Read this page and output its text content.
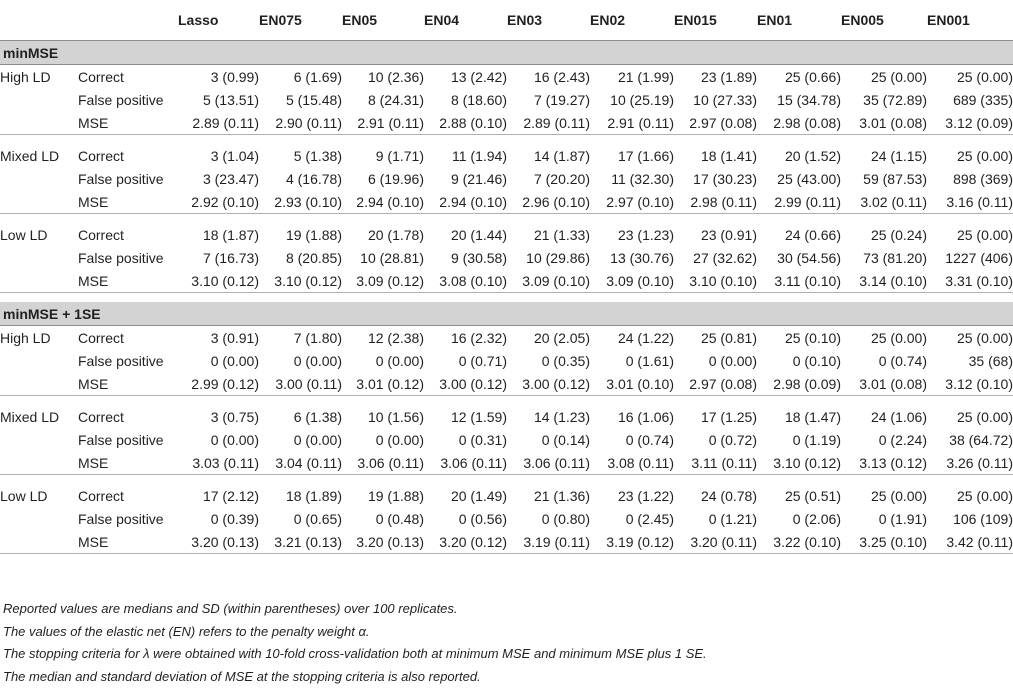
		Lasso	EN075	EN05	EN04	EN03	EN02	EN015	EN01	EN005	EN001
minMSE											
High LD	Correct	3 (0.99)	6 (1.69)	10 (2.36)	13 (2.42)	16 (2.43)	21 (1.99)	23 (1.89)	25 (0.66)	25 (0.00)	25 (0.00)
	False positive	5 (13.51)	5 (15.48)	8 (24.31)	8 (18.60)	7 (19.27)	10 (25.19)	10 (27.33)	15 (34.78)	35 (72.89)	689 (335)
	MSE	2.89 (0.11)	2.90 (0.11)	2.91 (0.11)	2.88 (0.10)	2.89 (0.11)	2.91 (0.11)	2.97 (0.08)	2.98 (0.08)	3.01 (0.08)	3.12 (0.09)

Mixed LD	Correct	3 (1.04)	5 (1.38)	9 (1.71)	11 (1.94)	14 (1.87)	17 (1.66)	18 (1.41)	20 (1.52)	24 (1.15)	25 (0.00)
	False positive	3 (23.47)	4 (16.78)	6 (19.96)	9 (21.46)	7 (20.20)	11 (32.30)	17 (30.23)	25 (43.00)	59 (87.53)	898 (369)
	MSE	2.92 (0.10)	2.93 (0.10)	2.94 (0.10)	2.94 (0.10)	2.96 (0.10)	2.97 (0.10)	2.98 (0.11)	2.99 (0.11)	3.02 (0.11)	3.16 (0.11)

Low LD	Correct	18 (1.87)	19 (1.88)	20 (1.78)	20 (1.44)	21 (1.33)	23 (1.23)	23 (0.91)	24 (0.66)	25 (0.24)	25 (0.00)
	False positive	7 (16.73)	8 (20.85)	10 (28.81)	9 (30.58)	10 (29.86)	13 (30.76)	27 (32.62)	30 (54.56)	73 (81.20)	1227 (406)
	MSE	3.10 (0.12)	3.10 (0.12)	3.09 (0.12)	3.08 (0.10)	3.09 (0.10)	3.09 (0.10)	3.10 (0.10)	3.11 (0.10)	3.14 (0.10)	3.31 (0.10)

minMSE + 1SE											
High LD	Correct	3 (0.91)	7 (1.80)	12 (2.38)	16 (2.32)	20 (2.05)	24 (1.22)	25 (0.81)	25 (0.10)	25 (0.00)	25 (0.00)
	False positive	0 (0.00)	0 (0.00)	0 (0.00)	0 (0.71)	0 (0.35)	0 (1.61)	0 (0.00)	0 (0.10)	0 (0.74)	35 (68)
	MSE	2.99 (0.12)	3.00 (0.11)	3.01 (0.12)	3.00 (0.12)	3.00 (0.12)	3.01 (0.10)	2.97 (0.08)	2.98 (0.09)	3.01 (0.08)	3.12 (0.10)

Mixed LD	Correct	3 (0.75)	6 (1.38)	10 (1.56)	12 (1.59)	14 (1.23)	16 (1.06)	17 (1.25)	18 (1.47)	24 (1.06)	25 (0.00)
	False positive	0 (0.00)	0 (0.00)	0 (0.00)	0 (0.31)	0 (0.14)	0 (0.74)	0 (0.72)	0 (1.19)	0 (2.24)	38 (64.72)
	MSE	3.03 (0.11)	3.04 (0.11)	3.06 (0.11)	3.06 (0.11)	3.06 (0.11)	3.08 (0.11)	3.11 (0.11)	3.10 (0.12)	3.13 (0.12)	3.26 (0.11)

Low LD	Correct	17 (2.12)	18 (1.89)	19 (1.88)	20 (1.49)	21 (1.36)	23 (1.22)	24 (0.78)	25 (0.51)	25 (0.00)	25 (0.00)
	False positive	0 (0.39)	0 (0.65)	0 (0.48)	0 (0.56)	0 (0.80)	0 (2.45)	0 (1.21)	0 (2.06)	0 (1.91)	106 (109)
	MSE	3.20 (0.13)	3.21 (0.13)	3.20 (0.13)	3.20 (0.12)	3.19 (0.11)	3.19 (0.12)	3.20 (0.11)	3.22 (0.10)	3.25 (0.10)	3.42 (0.11)

Reported values are medians and SD (within parentheses) over 100 replicates.
The values of the elastic net (EN) refers to the penalty weight α.
The stopping criteria for λ were obtained with 10-fold cross-validation both at minimum MSE and minimum MSE plus 1 SE.
The median and standard deviation of MSE at the stopping criteria is also reported.
